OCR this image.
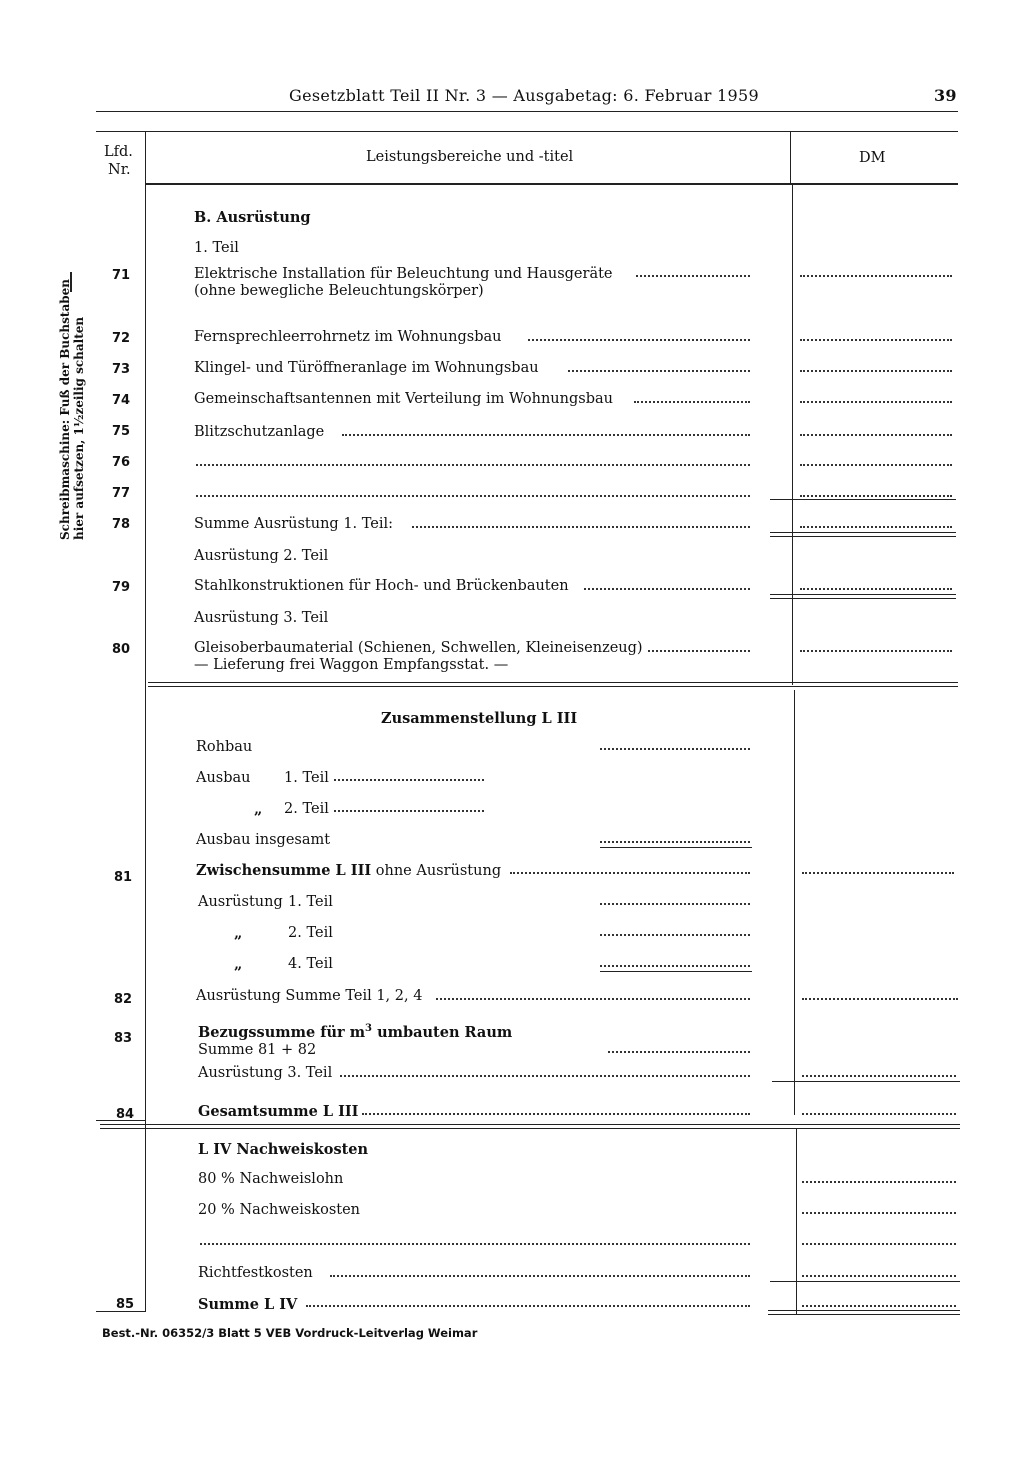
Gesetzblatt Teil II Nr. 3 — Ausgabetag: 6. Februar 1959	39
Schreibmaschine: Fuß der Buchstaben hier aufsetzen, 1½zeilig schalten
Lfd.
Nr.
Leistungsbereiche und -titel	DM
B. Ausrüstung
1. Teil
71	Elektrische Installation für Beleuchtung und Hausgeräte
(ohne bewegliche Beleuchtungskörper)
72	Fernsprechleerrohrnetz im Wohnungsbau
73	Klingel- und Türöffneranlage im Wohnungsbau
74	Gemeinschaftsantennen mit Verteilung im Wohnungsbau
75	Blitzschutzanlage
76
77
78	Summe Ausrüstung 1. Teil:
Ausrüstung 2. Teil
79	Stahlkonstruktionen für Hoch- und Brückenbauten
Ausrüstung 3. Teil
80	Gleisoberbaumaterial (Schienen, Schwellen, Kleineisenzeug)
— Lieferung frei Waggon Empfangsstat. —
Zusammenstellung L III
Rohbau
Ausbau 1. Teil
„ 2. Teil
Ausbau insgesamt
81	Zwischensumme L III ohne Ausrüstung
Ausrüstung 1. Teil
„	2. Teil
„	4. Teil
82	Ausrüstung Summe Teil 1, 2, 4
83	Bezugssumme für $m^3$ umbauten Raum
Summe 81 + 82
Ausrüstung 3. Teil
84	Gesamtsumme L III
L IV Nachweiskosten
80 % Nachweislohn
20 % Nachweiskosten
Richtfestkosten
85	Summe L IV
Best.-Nr. 06352/3 Blatt 5 VEB Vordruck-Leitverlag Weimar
